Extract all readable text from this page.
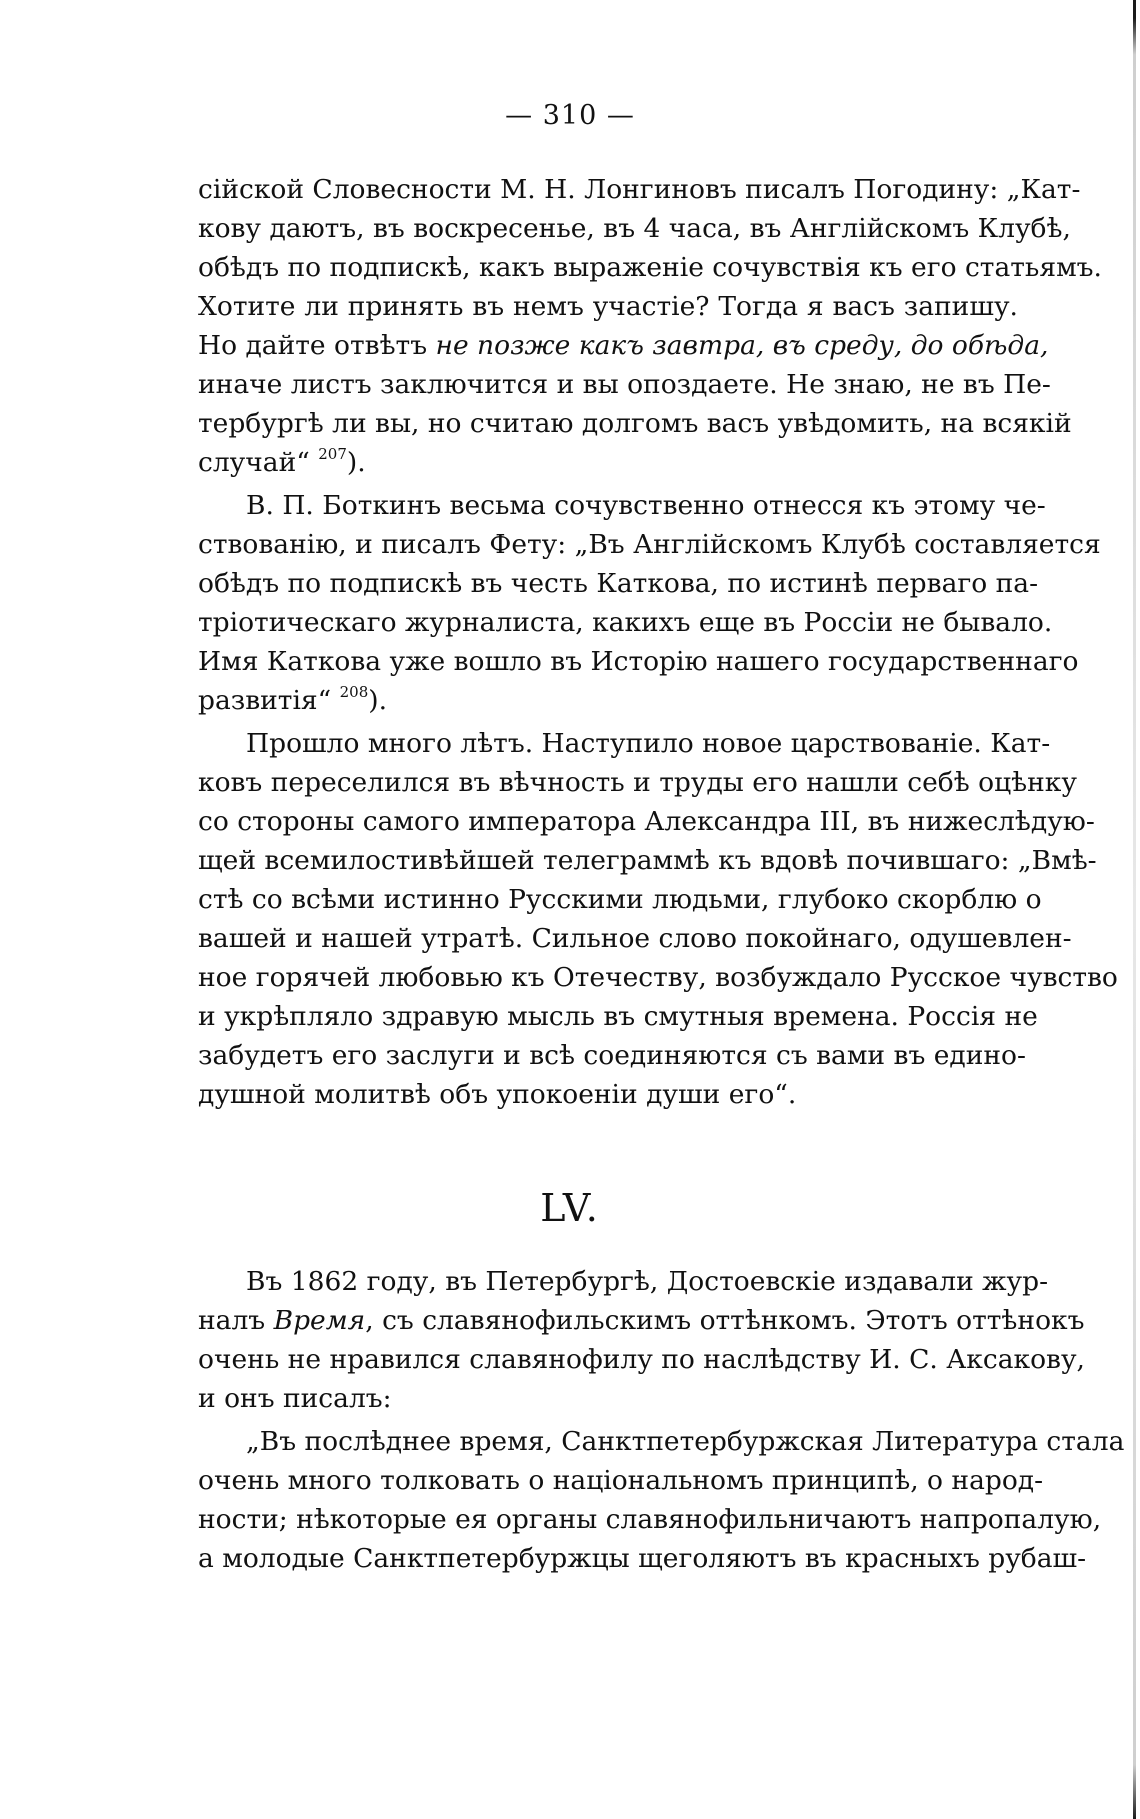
— 310 —
сійской Словесности М. Н. Лонгиновъ писалъ Погодину: „Кат-
кову даютъ, въ воскресенье, въ 4 часа, въ Англійскомъ Клубѣ,
обѣдъ по подпискѣ, какъ выраженіе сочувствія къ его статьямъ.
Хотите ли принять въ немъ участіе? Тогда я васъ запишу.
Но дайте отвѣтъ не позже какъ завтра, въ среду, до обѣда,
иначе листъ заключится и вы опоздаете. Не знаю, не въ Пе-
тербургѣ ли вы, но считаю долгомъ васъ увѣдомить, на всякій
случай“ $^{207}$).
В. П. Боткинъ весьма сочувственно отнесся къ этому че-
ствованію, и писалъ Фету: „Въ Англійскомъ Клубѣ составляется
обѣдъ по подпискѣ въ честь Каткова, по истинѣ перваго па-
тріотическаго журналиста, какихъ еще въ Россіи не бывало.
Имя Каткова уже вошло въ Исторію нашего государственнаго
развитія“ $^{208}$).
Прошло много лѣтъ. Наступило новое царствованіе. Кат-
ковъ переселился въ вѣчность и труды его нашли себѣ оцѣнку
со стороны самого императора Александра III, въ нижеслѣдую-
щей всемилостивѣйшей телеграммѣ къ вдовѣ почившаго: „Вмѣ-
стѣ со всѣми истинно Русскими людьми, глубоко скорблю о
вашей и нашей утратѣ. Сильное слово покойнаго, одушевлен-
ное горячей любовью къ Отечеству, возбуждало Русское чувство
и укрѣпляло здравую мысль въ смутныя времена. Россія не
забудетъ его заслуги и всѣ соединяются съ вами въ едино-
душной молитвѣ объ упокоеніи души его“.
LV.
Въ 1862 году, въ Петербургѣ, Достоевскіе издавали жур-
налъ Время, съ славянофильскимъ оттѣнкомъ. Этотъ оттѣнокъ
очень не нравился славянофилу по наслѣдству И. С. Аксакову,
и онъ писалъ:
„Въ послѣднее время, Санктпетербуржская Литература стала
очень много толковать о національномъ принципѣ, о народ-
ности; нѣкоторые ея органы славянофильничаютъ напропалую,
а молодые Санктпетербуржцы щеголяютъ въ красныхъ рубаш-
